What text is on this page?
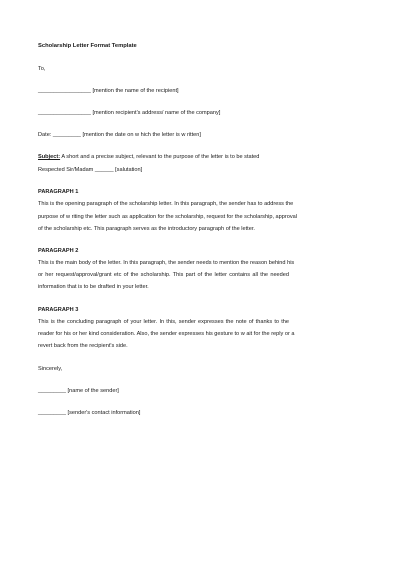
Scholarship Letter Format Template
To,
_________________ [mention the name of the recipient]
_________________ [mention recipient's address/ name of the company]
Date: _________ [mention the date on w hich the letter is w ritten]
Subject: A short and a precise subject, relevant to the purpose of the letter is to be stated
Respected Sir/Madam ______ [salutation]
PARAGRAPH 1
This is the opening paragraph of the scholarship letter. In this paragraph, the sender has to address the
purpose of w riting the letter such as application for the scholarship, request for the scholarship, approval
of the scholarship etc. This paragraph serves as the introductory paragraph of the letter.
PARAGRAPH 2
This is the main body of the letter. In this paragraph, the sender needs to mention the reason behind his
or her request/approval/grant etc of the scholarship. This part of the letter contains all the needed
information that is to be drafted in your letter.
PARAGRAPH 3
This is the concluding paragraph of your letter. In this, sender expresses the note of thanks to the
reader for his or her kind consideration. Also, the sender expresses his gesture to w ait for the reply or a
revert back from the recipient's side.
Sincerely,
_________ [name of the sender]
_________ [sender's contact information]
